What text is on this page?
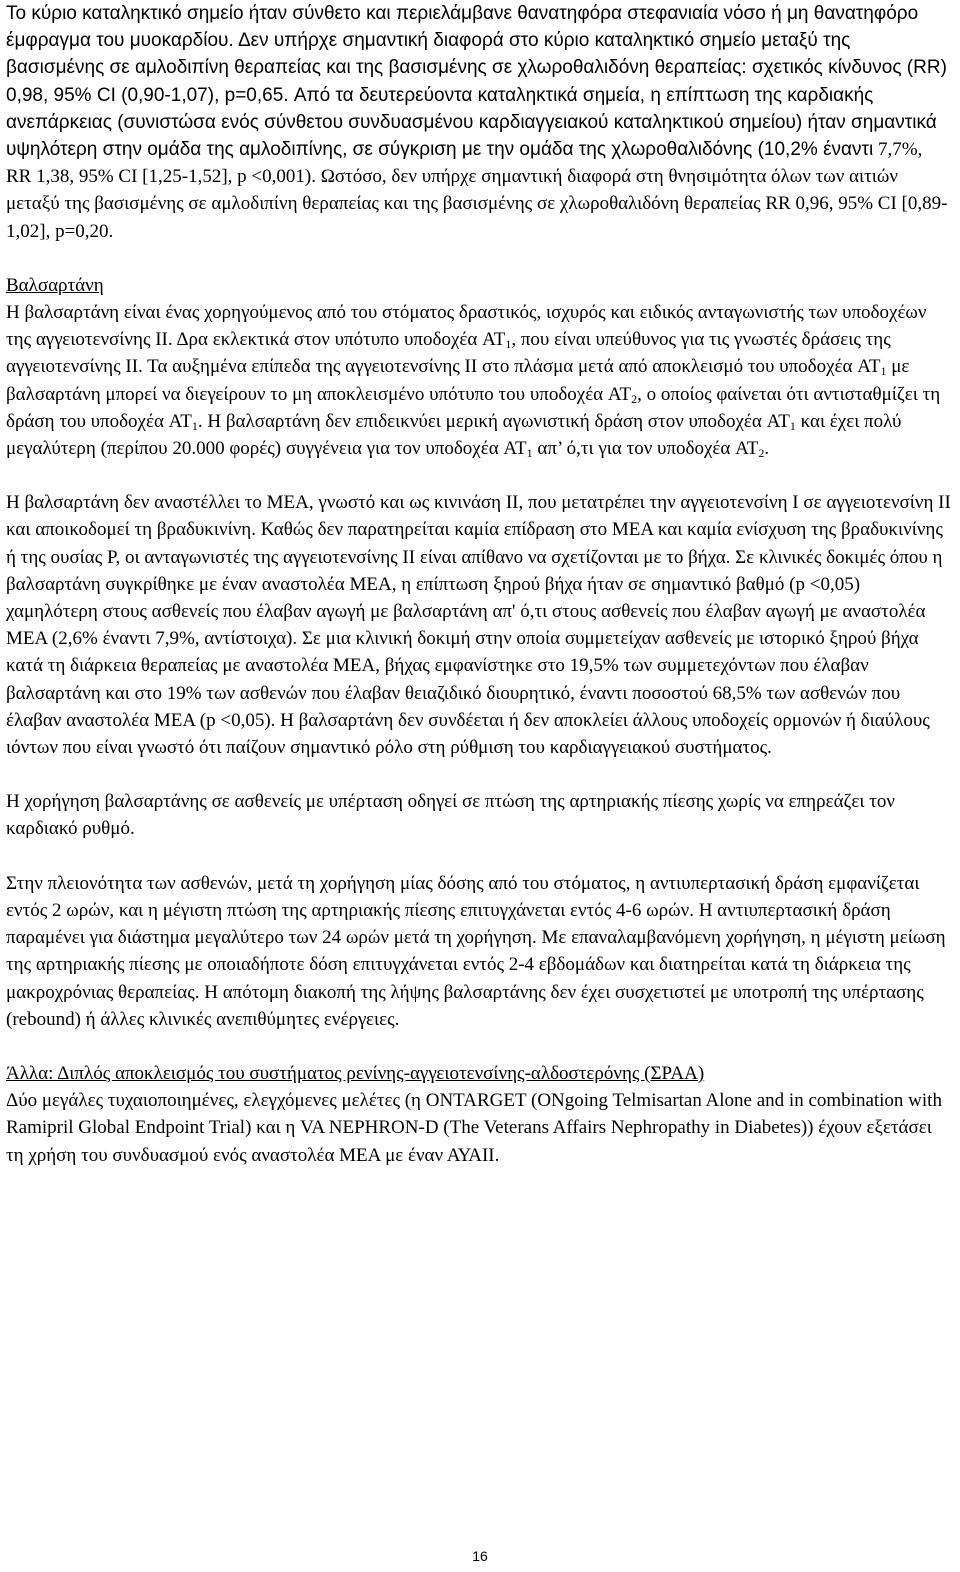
Το κύριο καταληκτικό σημείο ήταν σύνθετο και περιελάμβανε θανατηφόρα στεφανιαία νόσο ή μη θανατηφόρο έμφραγμα του μυοκαρδίου. Δεν υπήρχε σημαντική διαφορά στο κύριο καταληκτικό σημείο μεταξύ της βασισμένης σε αμλοδιπίνη θεραπείας και της βασισμένης σε χλωροθαλιδόνη θεραπείας: σχετικός κίνδυνος (RR) 0,98, 95% CI (0,90-1,07), p=0,65. Από τα δευτερεύοντα καταληκτικά σημεία, η επίπτωση της καρδιακής ανεπάρκειας (συνιστώσα ενός σύνθετου συνδυασμένου καρδιαγγειακού καταληκτικού σημείου) ήταν σημαντικά υψηλότερη στην ομάδα της αμλοδιπίνης, σε σύγκριση με την ομάδα της χλωροθαλιδόνης (10,2% έναντι 7,7%, RR 1,38, 95% CI [1,25-1,52], p <0,001). Ωστόσο, δεν υπήρχε σημαντική διαφορά στη θνησιμότητα όλων των αιτιών μεταξύ της βασισμένης σε αμλοδιπίνη θεραπείας και της βασισμένης σε χλωροθαλιδόνη θεραπείας RR 0,96, 95% CI [0,89-1,02], p=0,20.

Βαλσαρτάνη

Η βαλσαρτάνη είναι ένας χορηγούμενος από του στόματος δραστικός, ισχυρός και ειδικός ανταγωνιστής των υποδοχέων της αγγειοτενσίνης ΙΙ. Δρα εκλεκτικά στον υπότυπο υποδοχέα $AT_1$, που είναι υπεύθυνος για τις γνωστές δράσεις της αγγειοτενσίνης ΙΙ. Τα αυξημένα επίπεδα της αγγειοτενσίνης ΙΙ στο πλάσμα μετά από αποκλεισμό του υποδοχέα $AT_1$ με βαλσαρτάνη μπορεί να διεγείρουν το μη αποκλεισμένο υπότυπο του υποδοχέα $AT_2$, ο οποίος φαίνεται ότι αντισταθμίζει τη δράση του υποδοχέα $AT_1$. Η βαλσαρτάνη δεν επιδεικνύει μερική αγωνιστική δράση στον υποδοχέα $AT_1$ και έχει πολύ μεγαλύτερη (περίπου 20.000 φορές) συγγένεια για τον υποδοχέα $AT_1$ απ’ ό,τι για τον υποδοχέα $AT_2$.

Η βαλσαρτάνη δεν αναστέλλει το ΜΕΑ, γνωστό και ως κινινάση ΙΙ, που μετατρέπει την αγγειοτενσίνη Ι σε αγγειοτενσίνη ΙΙ και αποικοδομεί τη βραδυκινίνη. Καθώς δεν παρατηρείται καμία επίδραση στο ΜΕΑ και καμία ενίσχυση της βραδυκινίνης ή της ουσίας P, οι ανταγωνιστές της αγγειοτενσίνης ΙΙ είναι απίθανο να σχετίζονται με το βήχα. Σε κλινικές δοκιμές όπου η βαλσαρτάνη συγκρίθηκε με έναν αναστολέα ΜΕΑ, η επίπτωση ξηρού βήχα ήταν σε σημαντικό βαθμό (p <0,05) χαμηλότερη στους ασθενείς που έλαβαν αγωγή με βαλσαρτάνη απ' ό,τι στους ασθενείς που έλαβαν αγωγή με αναστολέα ΜΕΑ (2,6% έναντι 7,9%, αντίστοιχα). Σε μια κλινική δοκιμή στην οποία συμμετείχαν ασθενείς με ιστορικό ξηρού βήχα κατά τη διάρκεια θεραπείας με αναστολέα ΜΕΑ, βήχας εμφανίστηκε στο 19,5% των συμμετεχόντων που έλαβαν βαλσαρτάνη και στο 19% των ασθενών που έλαβαν θειαζιδικό διουρητικό, έναντι ποσοστού 68,5% των ασθενών που έλαβαν αναστολέα ΜΕΑ (p <0,05). Η βαλσαρτάνη δεν συνδέεται ή δεν αποκλείει άλλους υποδοχείς ορμονών ή διαύλους ιόντων που είναι γνωστό ότι παίζουν σημαντικό ρόλο στη ρύθμιση του καρδιαγγειακού συστήματος.

Η χορήγηση βαλσαρτάνης σε ασθενείς με υπέρταση οδηγεί σε πτώση της αρτηριακής πίεσης χωρίς να επηρεάζει τον καρδιακό ρυθμό.

Στην πλειονότητα των ασθενών, μετά τη χορήγηση μίας δόσης από του στόματος, η αντιυπερτασική δράση εμφανίζεται εντός 2 ωρών, και η μέγιστη πτώση της αρτηριακής πίεσης επιτυγχάνεται εντός 4-6 ωρών. Η αντιυπερτασική δράση παραμένει για διάστημα μεγαλύτερο των 24 ωρών μετά τη χορήγηση. Με επαναλαμβανόμενη χορήγηση, η μέγιστη μείωση της αρτηριακής πίεσης με οποιαδήποτε δόση επιτυγχάνεται εντός 2-4 εβδομάδων και διατηρείται κατά τη διάρκεια της μακροχρόνιας θεραπείας. Η απότομη διακοπή της λήψης βαλσαρτάνης δεν έχει συσχετιστεί με υποτροπή της υπέρτασης (rebound) ή άλλες κλινικές ανεπιθύμητες ενέργειες.

Άλλα: Διπλός αποκλεισμός του συστήματος ρενίνης-αγγειοτενσίνης-αλδοστερόνης (ΣΡΑΑ)

Δύο μεγάλες τυχαιοποιημένες, ελεγχόμενες μελέτες (η ONTARGET (ONgoing Telmisartan Alone and in combination with Ramipril Global Endpoint Trial) και η VA NEPHRON-D (The Veterans Affairs Nephropathy in Diabetes)) έχουν εξετάσει τη χρήση του συνδυασμού ενός αναστολέα ΜΕΑ με έναν ΑΥΑΙΙ.

16
